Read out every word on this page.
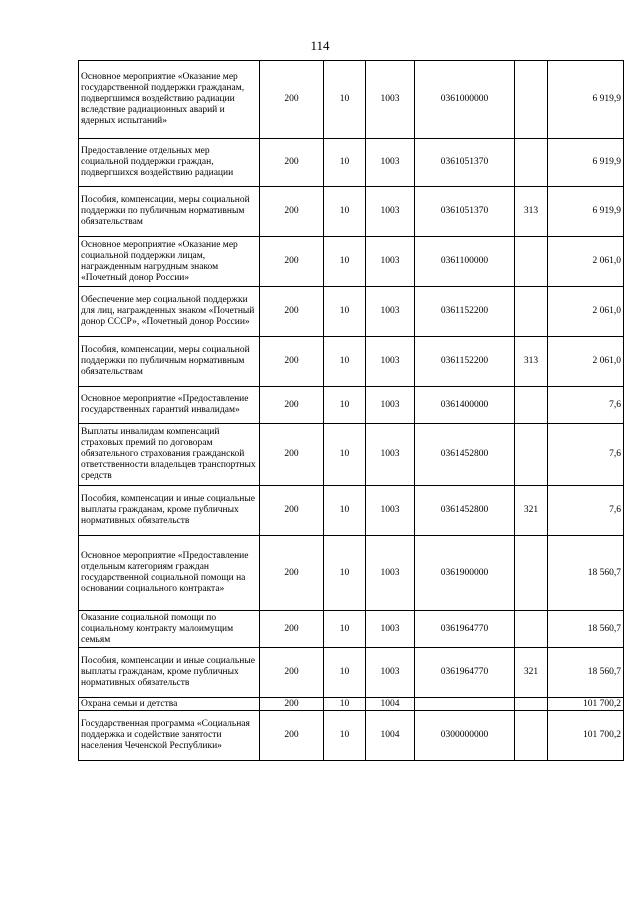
114
Основное мероприятие «Оказание мер государственной поддержки гражданам, подвергшимся воздействию радиации вследствие радиационных аварий и ядерных испытаний»	200	10	1003	0361000000		6 919,9
Предоставление отдельных мер социальной поддержки граждан, подвергшихся воздействию радиации	200	10	1003	0361051370		6 919,9
Пособия, компенсации, меры социальной поддержки по публичным нормативным обязательствам	200	10	1003	0361051370	313	6 919,9
Основное мероприятие «Оказание мер социальной поддержки лицам, награжденным нагрудным знаком «Почетный донор России»	200	10	1003	0361100000		2 061,0
Обеспечение мер социальной поддержки для лиц, награжденных знаком «Почетный донор СССР», «Почетный донор России»	200	10	1003	0361152200		2 061,0
Пособия, компенсации, меры социальной поддержки по публичным нормативным обязательствам	200	10	1003	0361152200	313	2 061,0
Основное мероприятие «Предоставление государственных гарантий инвалидам»	200	10	1003	0361400000		7,6
Выплаты инвалидам компенсаций страховых премий по договорам обязательного страхования гражданской ответственности владельцев транспортных средств	200	10	1003	0361452800		7,6
Пособия, компенсации и иные социальные выплаты гражданам, кроме публичных нормативных обязательств	200	10	1003	0361452800	321	7,6
Основное мероприятие «Предоставление отдельным категориям граждан государственной социальной помощи на основании социального контракта»	200	10	1003	0361900000		18 560,7
Оказание социальной помощи по социальному контракту малоимущим семьям	200	10	1003	0361964770		18 560,7
Пособия, компенсации и иные социальные выплаты гражданам, кроме публичных нормативных обязательств	200	10	1003	0361964770	321	18 560,7
Охрана семьи и детства	200	10	1004			101 700,2
Государственная программа «Социальная поддержка и содействие занятости населения Чеченской Республики»	200	10	1004	0300000000		101 700,2
